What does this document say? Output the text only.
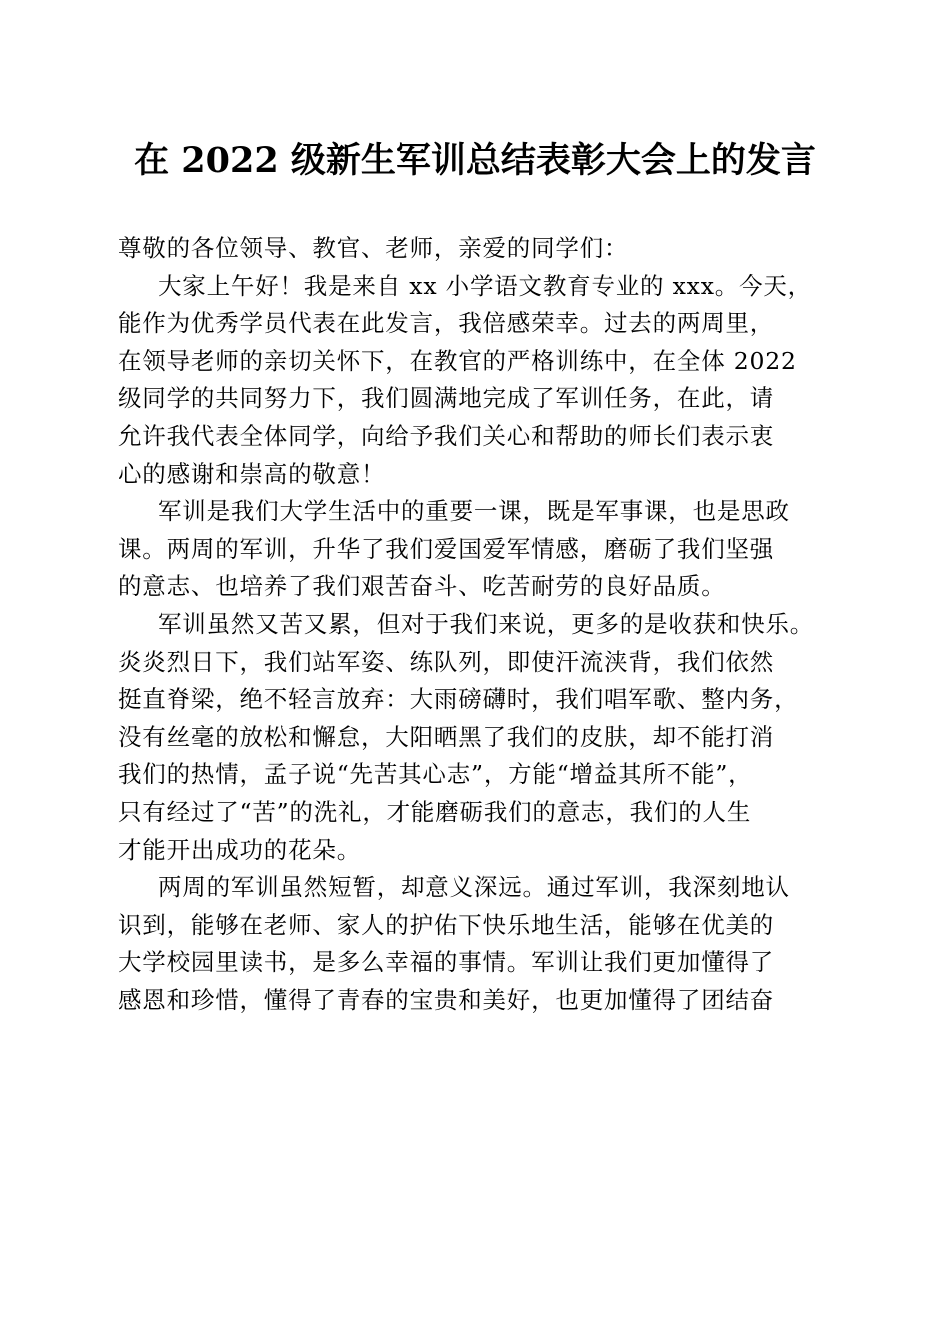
在 2022 级新生军训总结表彰大会上的发言
尊敬的各位领导、教官、老师，亲爱的同学们：
大家上午好！我是来自 xx 小学语文教育专业的 xxx。今天，
能作为优秀学员代表在此发言，我倍感荣幸。过去的两周里，
在领导老师的亲切关怀下，在教官的严格训练中，在全体 2022
级同学的共同努力下，我们圆满地完成了军训任务，在此，请
允许我代表全体同学，向给予我们关心和帮助的师长们表示衷
心的感谢和崇高的敬意！
军训是我们大学生活中的重要一课，既是军事课，也是思政
课。两周的军训，升华了我们爱国爱军情感，磨砺了我们坚强
的意志、也培养了我们艰苦奋斗、吃苦耐劳的良好品质。
军训虽然又苦又累，但对于我们来说，更多的是收获和快乐。
炎炎烈日下，我们站军姿、练队列，即使汗流浃背，我们依然
挺直脊梁，绝不轻言放弃：大雨磅礴时，我们唱军歌、整内务，
没有丝毫的放松和懈怠，大阳晒黑了我们的皮肤，却不能打消
我们的热情，孟子说“先苦其心志”，方能“增益其所不能”，
只有经过了“苦”的洗礼，才能磨砺我们的意志，我们的人生
才能开出成功的花朵。
两周的军训虽然短暂，却意义深远。通过军训，我深刻地认
识到，能够在老师、家人的护佑下快乐地生活，能够在优美的
大学校园里读书，是多么幸福的事情。军训让我们更加懂得了
感恩和珍惜，懂得了青春的宝贵和美好，也更加懂得了团结奋
